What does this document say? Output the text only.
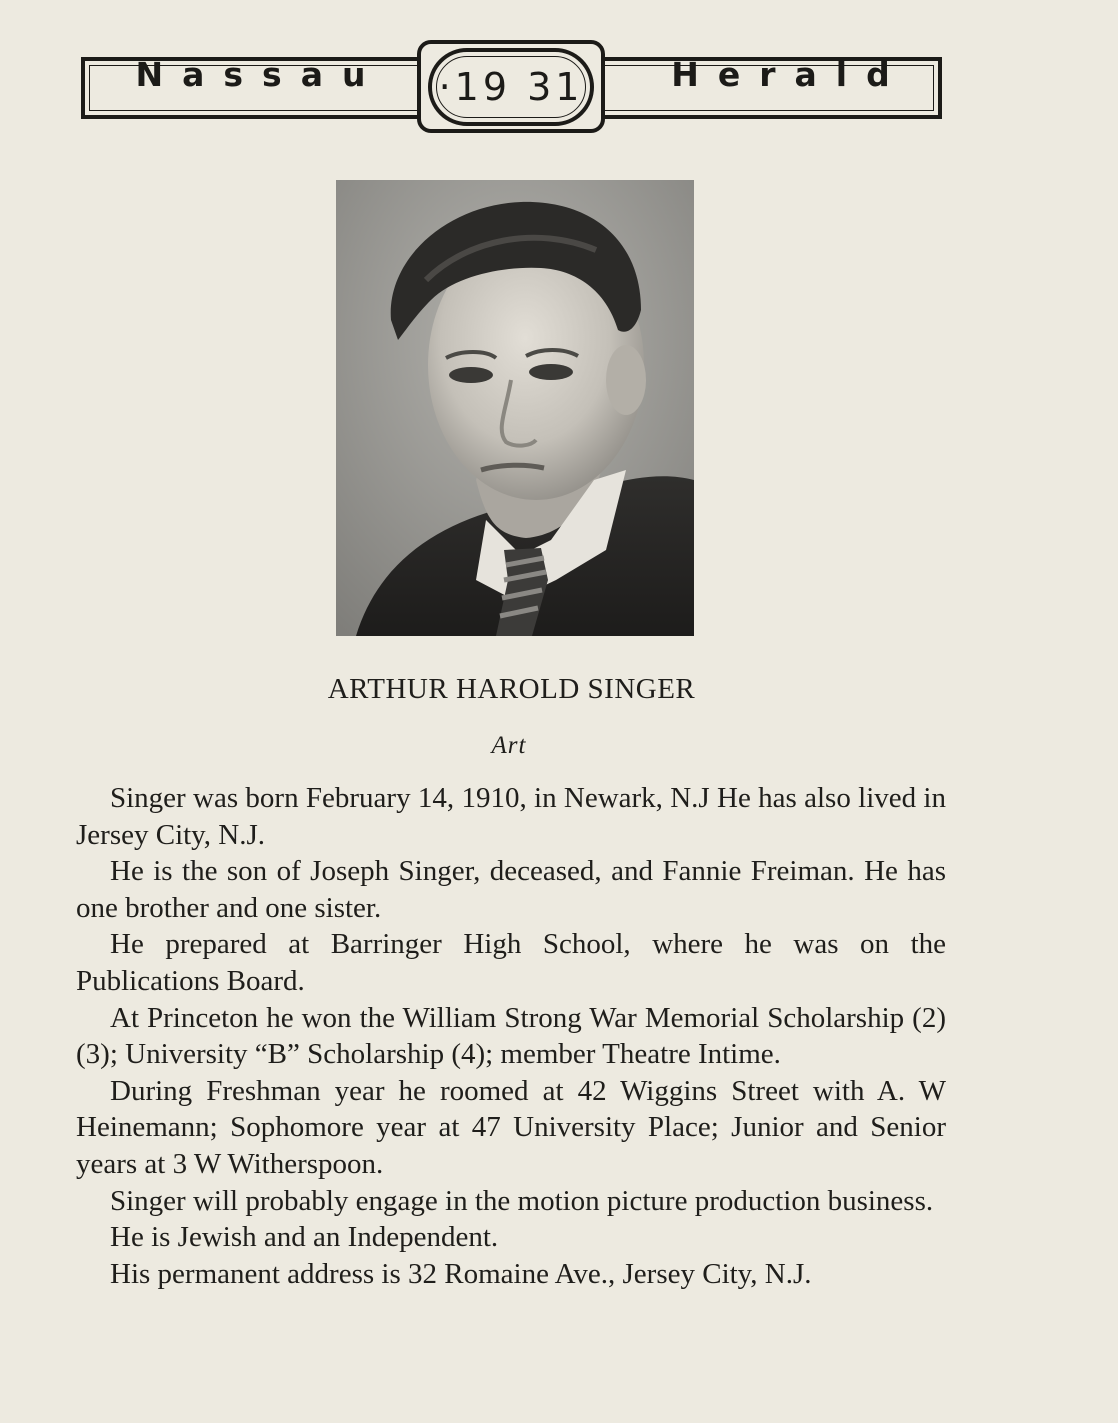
Nassau	Herald
·19 31
ARTHUR HAROLD SINGER
Art

Singer was born February 14, 1910, in Newark, N.J He has also lived in Jersey City, N.J.

He is the son of Joseph Singer, deceased, and Fannie Freiman. He has one brother and one sister.

He prepared at Barringer High School, where he was on the Publications Board.

At Princeton he won the William Strong War Memorial Scholarship (2) (3); University “B” Scholarship (4); member Theatre Intime.

During Freshman year he roomed at 42 Wiggins Street with A. W Heinemann; Sophomore year at 47 University Place; Junior and Senior years at 3 W Witherspoon.

Singer will probably engage in the motion picture production business.

He is Jewish and an Independent.

His permanent address is 32 Romaine Ave., Jersey City, N.J.
